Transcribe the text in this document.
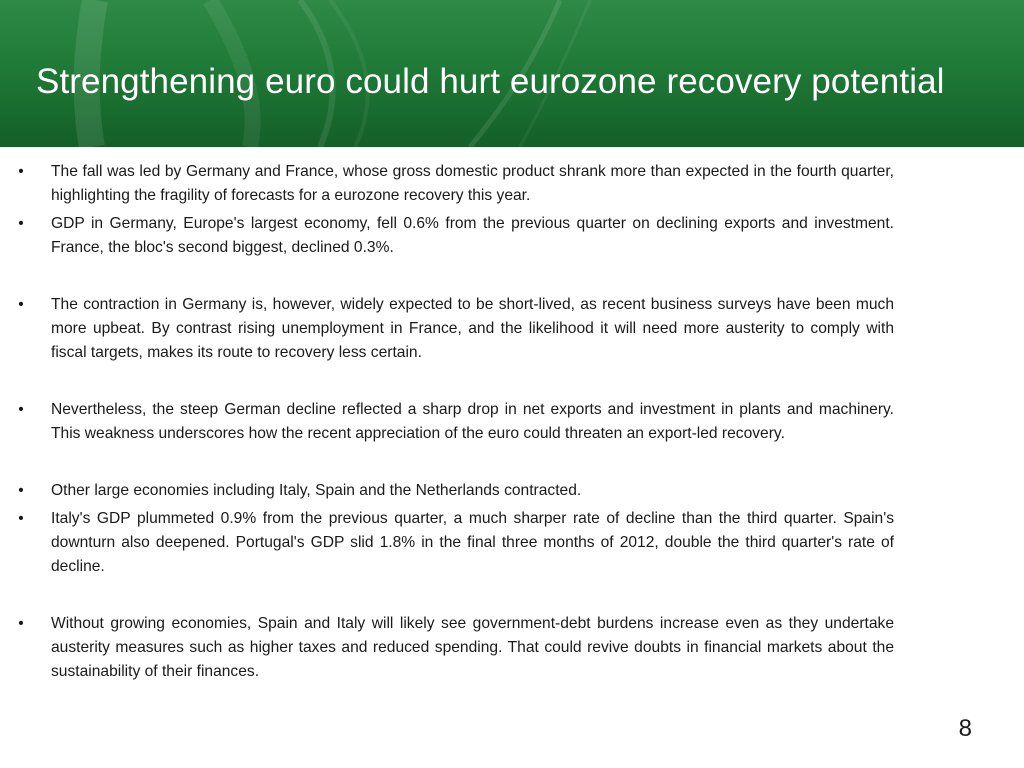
Strengthening euro could hurt eurozone recovery potential

• The fall was led by Germany and France, whose gross domestic product shrank more than expected in the fourth quarter, highlighting the fragility of forecasts for a eurozone recovery this year.

• GDP in Germany, Europe's largest economy, fell 0.6% from the previous quarter on declining exports and investment. France, the bloc's second biggest, declined 0.3%.

• The contraction in Germany is, however, widely expected to be short-lived, as recent business surveys have been much more upbeat. By contrast rising unemployment in France, and the likelihood it will need more austerity to comply with fiscal targets, makes its route to recovery less certain.

• Nevertheless, the steep German decline reflected a sharp drop in net exports and investment in plants and machinery. This weakness underscores how the recent appreciation of the euro could threaten an export-led recovery.

• Other large economies including Italy, Spain and the Netherlands contracted.

• Italy's GDP plummeted 0.9% from the previous quarter, a much sharper rate of decline than the third quarter. Spain's downturn also deepened. Portugal's GDP slid 1.8% in the final three months of 2012, double the third quarter's rate of decline.

• Without growing economies, Spain and Italy will likely see government-debt burdens increase even as they undertake austerity measures such as higher taxes and reduced spending. That could revive doubts in financial markets about the sustainability of their finances.

8
